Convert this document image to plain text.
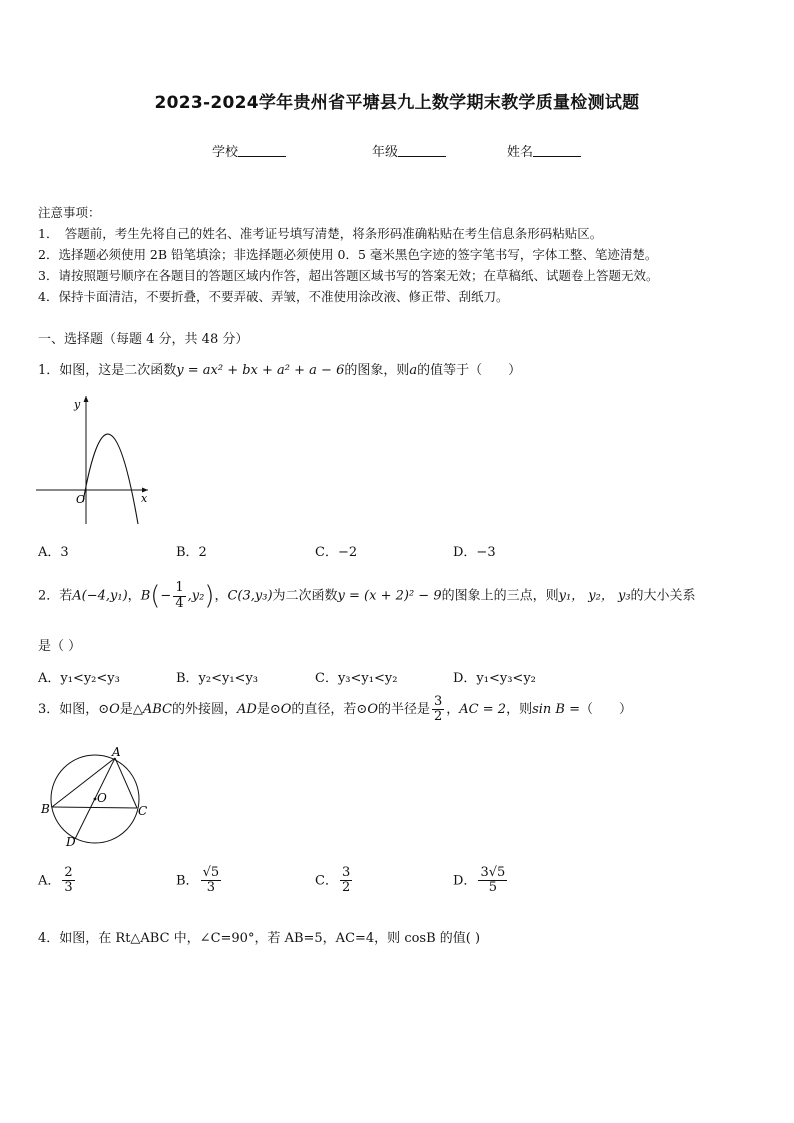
2023-2024学年贵州省平塘县九上数学期末教学质量检测试题
学校	年级	姓名
注意事项：
1．　答题前，考生先将自己的姓名、准考证号填写清楚，将条形码准确粘贴在考生信息条形码粘贴区。
2．选择题必须使用 2B 铅笔填涂；非选择题必须使用 0．5 毫米黑色字迹的签字笔书写，字体工整、笔迹清楚。
3．请按照题号顺序在各题目的答题区域内作答，超出答题区域书写的答案无效；在草稿纸、试题卷上答题无效。
4．保持卡面清洁，不要折叠，不要弄破、弄皱，不准使用涂改液、修正带、刮纸刀。
一、选择题（每题 4 分，共 48 分）
1．如图，这是二次函数y = ax² + bx + a² + a − 6的图象，则a的值等于（　　）
y
x
O
A．3	B．2	C．−2	D．−3
2．若A(−4,y₁)，$B(- \frac{1}{4} ,y_2)$，C(3,y₃)为二次函数y = (x + 2)² − 9的图象上的三点，则y₁， y₂， y₃的大小关系
是（ ）
A．y₁<y₂<y₃	B．y₂<y₁<y₃	C．y₃<y₁<y₂	D．y₁<y₃<y₂
3．如图，⊙O是△ABC的外接圆，AD是⊙O的直径，若⊙O的半径是 $\frac{3}{2}$ ，AC = 2，则sin B =（　　）
A
B	C
D
O
A． $\frac{2}{3}$	B． $\frac{√5}{3}$	C． $\frac{3}{2}$	D． $\frac{3√5}{5}$
4．如图，在 Rt△ABC 中，∠C=90°，若 AB=5，AC=4，则 cosB 的值( )
